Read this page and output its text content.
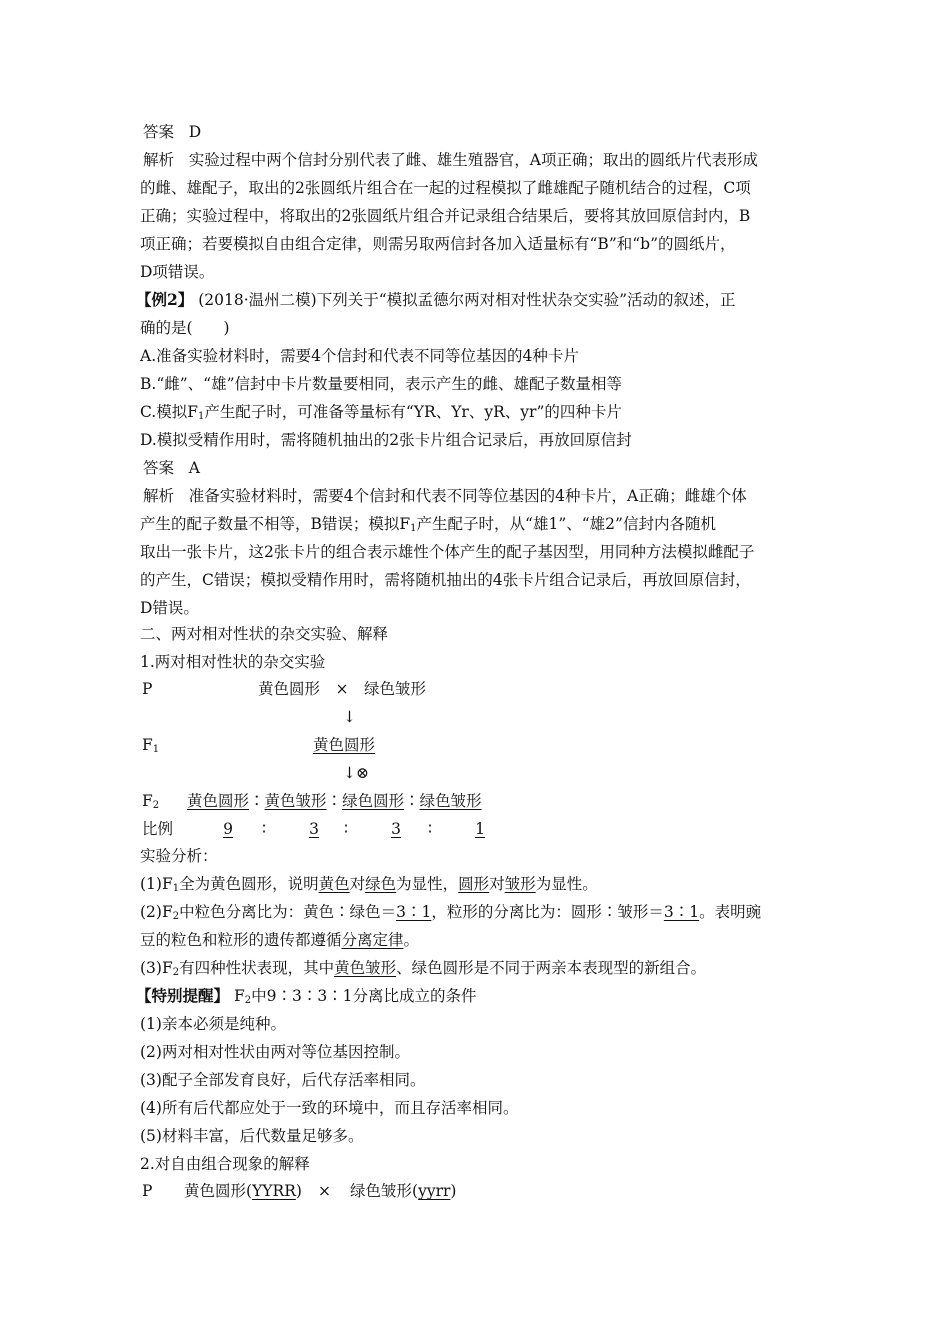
答案 D
解析 实验过程中两个信封分别代表了雌、雄生殖器官，A项正确；取出的圆纸片代表形成
的雌、雄配子，取出的2张圆纸片组合在一起的过程模拟了雌雄配子随机结合的过程，C项
正确；实验过程中，将取出的2张圆纸片组合并记录组合结果后，要将其放回原信封内，B
项正确；若要模拟自由组合定律，则需另取两信封各加入适量标有“B”和“b”的圆纸片，
D项错误。
【例2】 (2018·温州二模)下列关于“模拟孟德尔两对相对性状杂交实验”活动的叙述，正
确的是(　　)
A.准备实验材料时，需要4个信封和代表不同等位基因的4种卡片
B.“雌”、“雄”信封中卡片数量要相同，表示产生的雌、雄配子数量相等
C.模拟$F_1$产生配子时，可准备等量标有“YR、Yr、yR、yr”的四种卡片
D.模拟受精作用时，需将随机抽出的2张卡片组合记录后，再放回原信封
答案 A
解析 准备实验材料时，需要4个信封和代表不同等位基因的4种卡片，A正确；雌雄个体
产生的配子数量不相等，B错误；模拟$F_1$产生配子时，从“雄1”、“雄2”信封内各随机
取出一张卡片，这2张卡片的组合表示雄性个体产生的配子基因型，用同种方法模拟雌配子
的产生，C错误；模拟受精作用时，需将随机抽出的4张卡片组合记录后，再放回原信封，
D错误。
二、两对相对性状的杂交实验、解释
1.两对相对性状的杂交实验
P	黄色圆形　×　绿色皱形
↓
$F_1$	黄色圆形
↓⊗
$F_2$ 黄色圆形∶黄色皱形∶绿色圆形∶绿色皱形
比例	9 ∶	3 ∶	3 ∶	1
实验分析：
$(1)F_1$全为黄色圆形，说明黄色对绿色为显性，圆形对皱形为显性。
$(2)F_2$中粒色分离比为：黄色∶绿色＝3∶1，粒形的分离比为：圆形∶皱形＝3∶1。表明豌
豆的粒色和粒形的遗传都遵循分离定律。
$(3)F_2$有四种性状表现，其中黄色皱形、绿色圆形是不同于两亲本表现型的新组合。
【特别提醒】 $F_2$中9∶3∶3∶1分离比成立的条件
(1)亲本必须是纯种。
(2)两对相对性状由两对等位基因控制。
(3)配子全部发育良好，后代存活率相同。
(4)所有后代都应处于一致的环境中，而且存活率相同。
(5)材料丰富，后代数量足够多。
2.对自由组合现象的解释
P 黄色圆形(YYRR) × 绿色皱形(yyrr)
